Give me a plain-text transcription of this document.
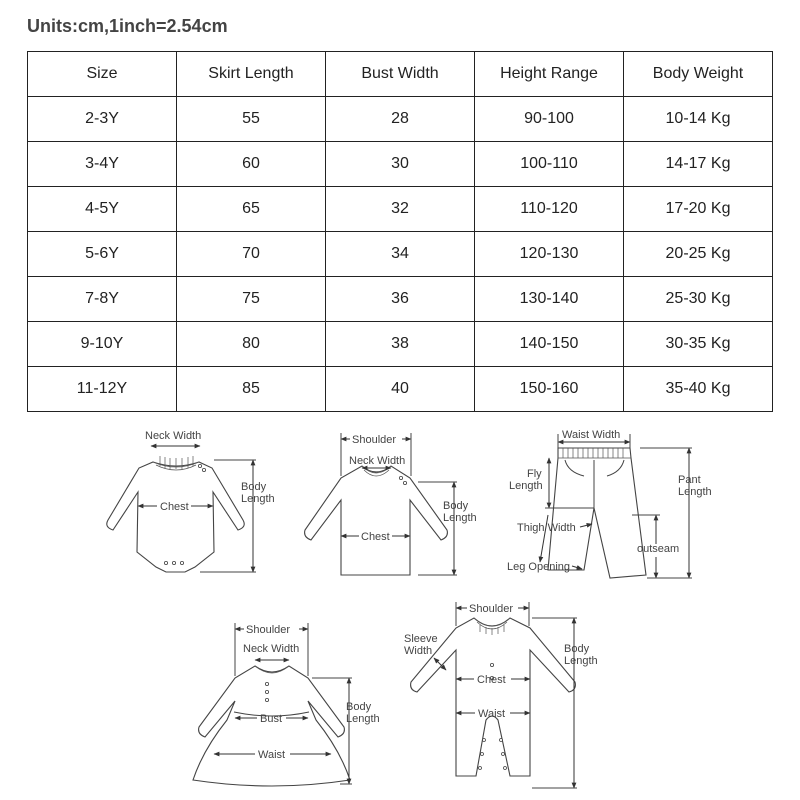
Units:cm,1inch=2.54cm
Size	Skirt Length	Bust Width	Height Range	Body Weight
2-3Y	55	28	90-100	10-14 Kg
3-4Y	60	30	100-110	14-17 Kg
4-5Y	65	32	110-120	17-20 Kg
5-6Y	70	34	120-130	20-25 Kg
7-8Y	75	36	130-140	25-30 Kg
9-10Y	80	38	140-150	30-35 Kg
11-12Y	85	40	150-160	35-40 Kg
Neck Width
Chest
Body
Length
Shoulder
Neck Width
Chest
Body
Length
Waist Width
Fly
Length
Thigh Width
outseam
Leg Opening
Pant
Length
Shoulder
Neck Width
Bust
Waist
Body
Length
Shoulder
Sleeve
Width
Chest
Waist
Body
Length
